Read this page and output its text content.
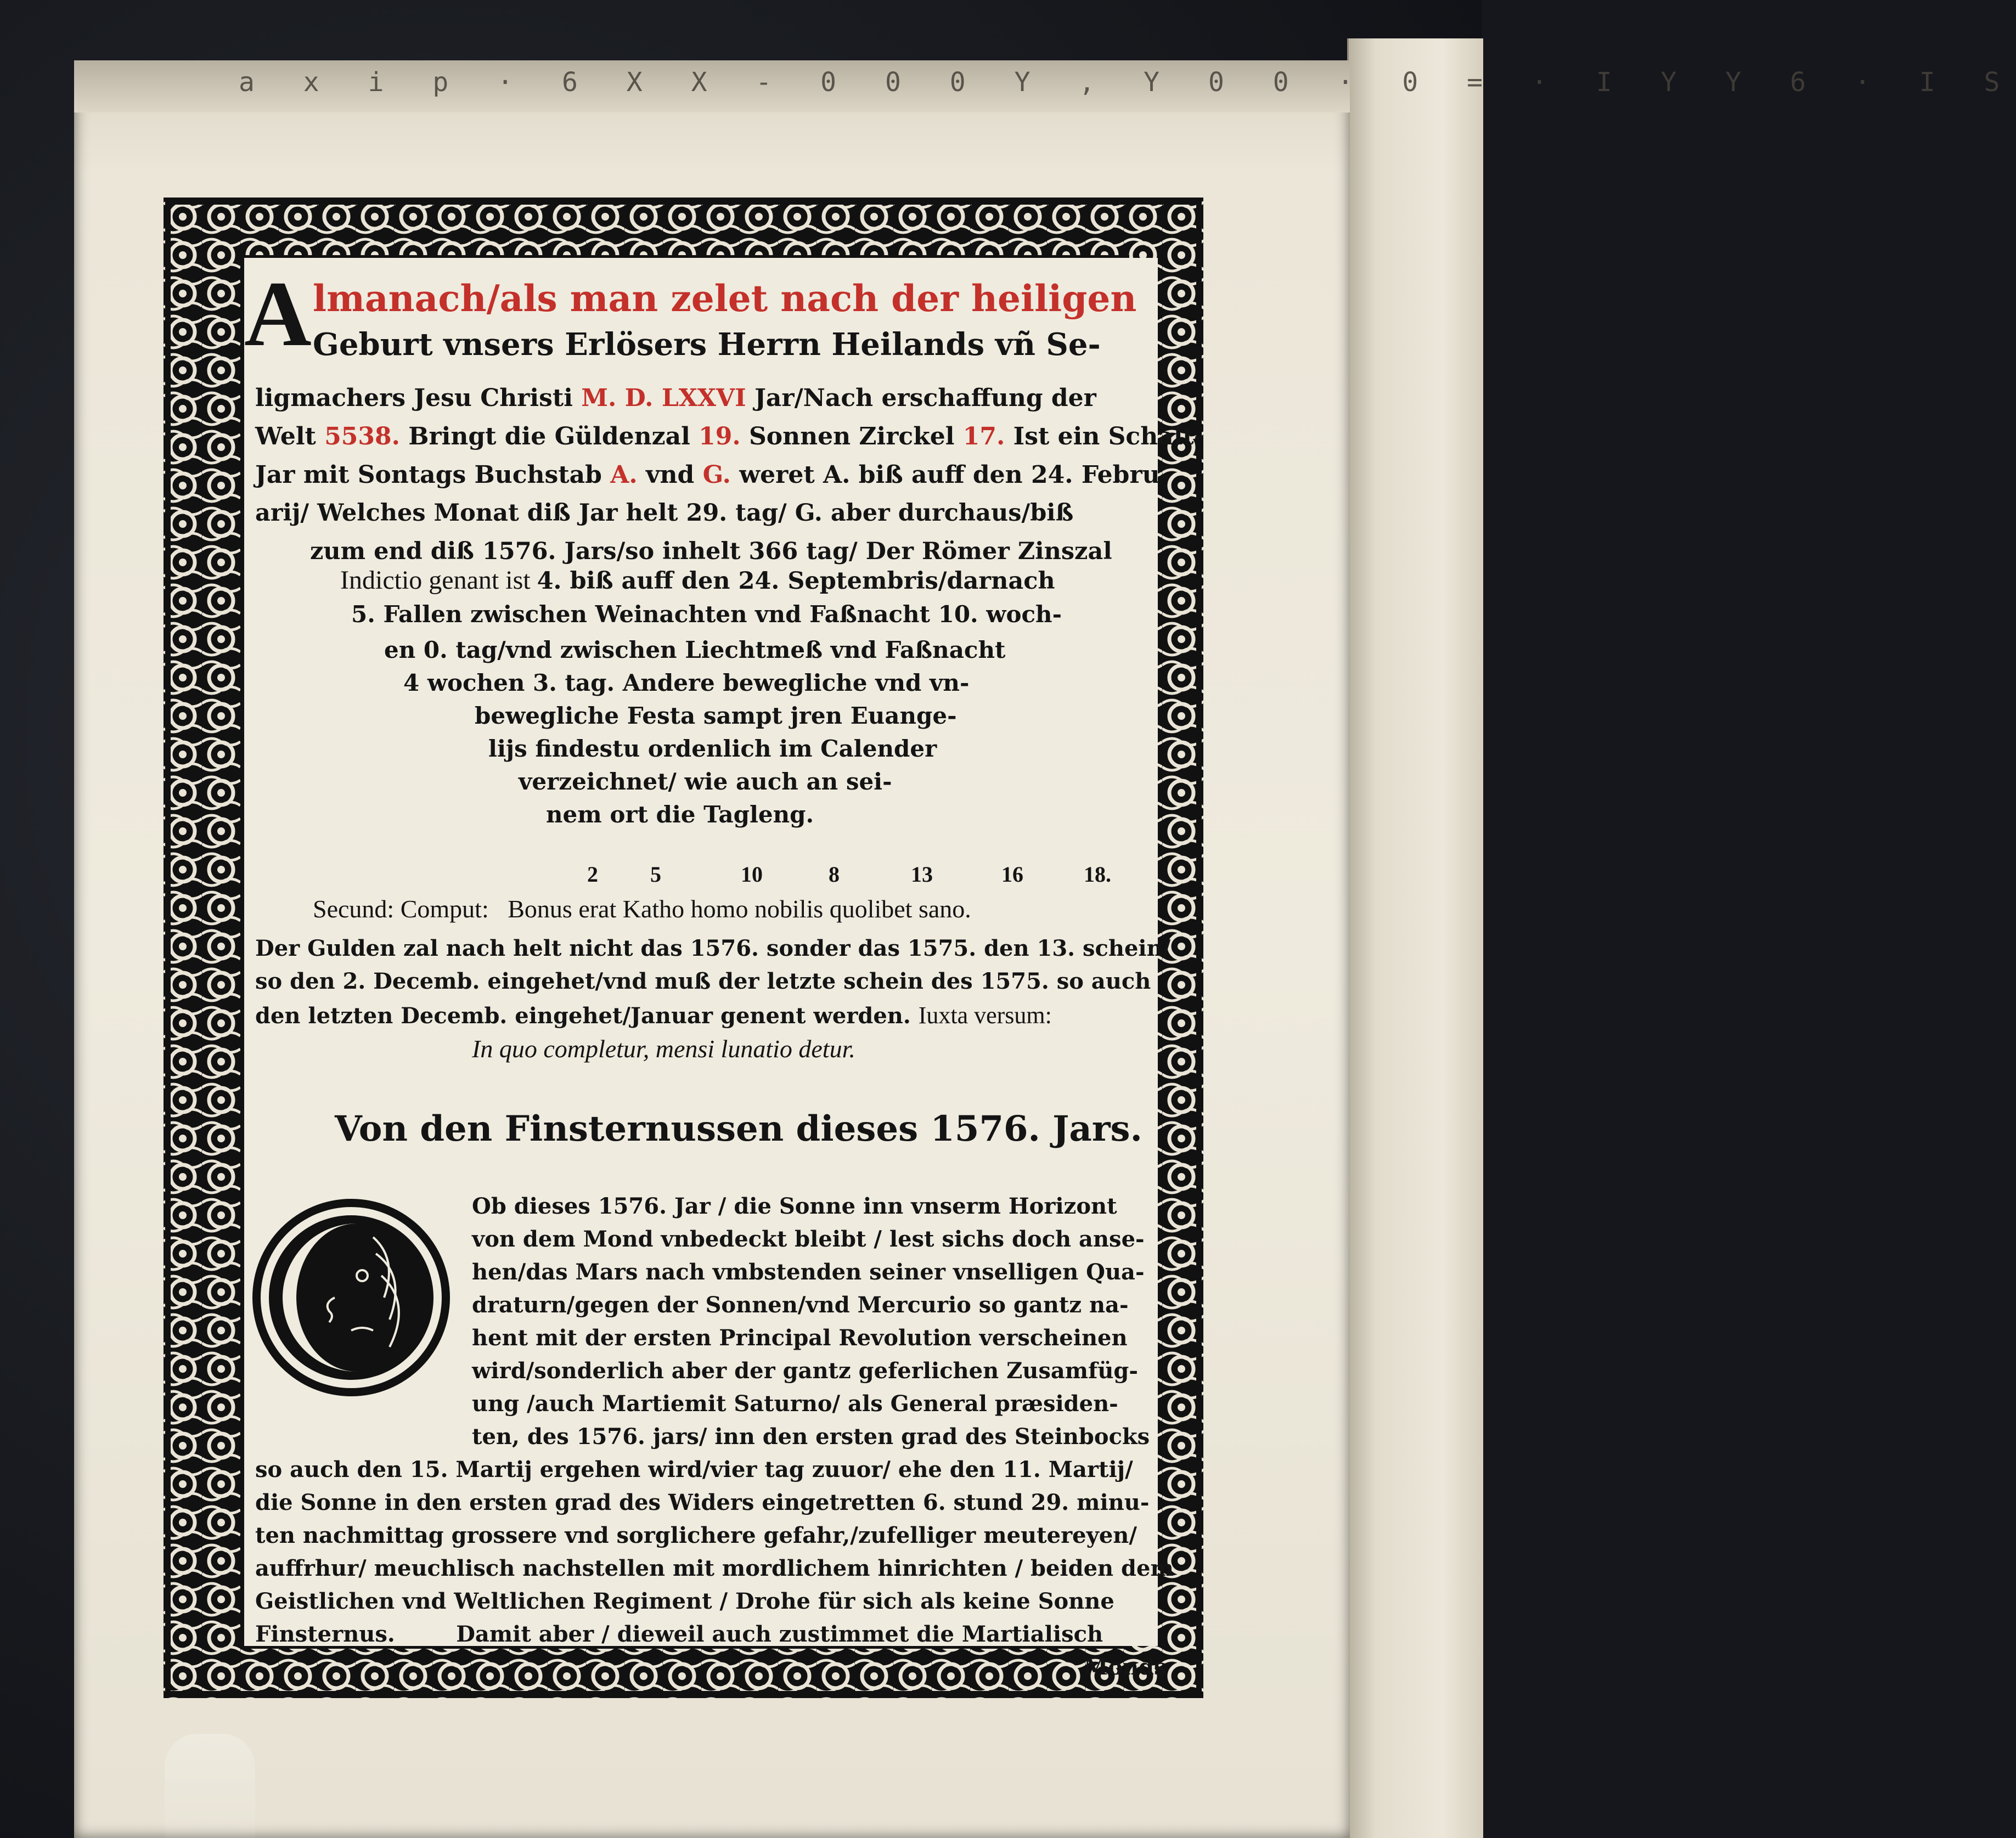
a x i p · 6 X X - 0 0 0 Y , Y 0 0 · 0 = · I Y Y 6 · I S
A lmanach/als man zelet nach der heiligen
Geburt vnsers Erlösers Herrn Heilands vñ Se-
ligmachers Jesu Christi M. D. LXXVI Jar/Nach erschaffung der
Welt 5538. Bringt die Güldenzal 19. Sonnen Zirckel 17. Ist ein Schalt-
Jar mit Sontags Buchstab A. vnd G. weret A. biß auff den 24. Febru-
arij/ Welches Monat diß Jar helt 29. tag/ G. aber durchaus/biß
zum end diß 1576. Jars/so inhelt 366 tag/ Der Römer Zinszal
Indictio genant ist 4. biß auff den 24. Septembris/darnach
5. Fallen zwischen Weinachten vnd Faßnacht 10. woch-
en 0. tag/vnd zwischen Liechtmeß vnd Faßnacht
4 wochen 3. tag. Andere bewegliche vnd vn-
bewegliche Festa sampt jren Euange-
lijs findestu ordenlich im Calender
verzeichnet/ wie auch an sei-
nem ort die Tagleng.
2 5	10	8	13	16	18.
Secund: Comput: Bonus erat Katho homo nobilis quolibet sano.
Der Gulden zal nach helt nicht das 1576. sonder das 1575. den 13. schein/
so den 2. Decemb. eingehet/vnd muß der letzte schein des 1575. so auch
den letzten Decemb. eingehet/Januar genent werden. Iuxta versum:
In quo completur, mensi lunatio detur.
Von den Finsternussen dieses 1576. Jars.
Ob dieses 1576. Jar / die Sonne inn vnserm Horizont
von dem Mond vnbedeckt bleibt / lest sichs doch anse-
hen/das Mars nach vmbstenden seiner vnselligen Qua-
draturn/gegen der Sonnen/vnd Mercurio so gantz na-
hent mit der ersten Principal Revolution verscheinen
wird/sonderlich aber der gantz geferlichen Zusamfüg-
ung /auch Martiemit Saturno/ als General præsiden-
ten, des 1576. jars/ inn den ersten grad des Steinbocks
so auch den 15. Martij ergehen wird/vier tag zuuor/ ehe den 11. Martij/
die Sonne in den ersten grad des Widers eingetretten 6. stund 29. minu-
ten nachmittag grossere vnd sorglichere gefahr,/zufelliger meutereyen/
auffrhur/ meuchlisch nachstellen mit mordlichem hinrichten / beiden dem
Geistlichen vnd Weltlichen Regiment / Drohe für sich als keine Sonne
Finsternus.        Damit aber / dieweil auch zustimmet die Martialisch
Monds
